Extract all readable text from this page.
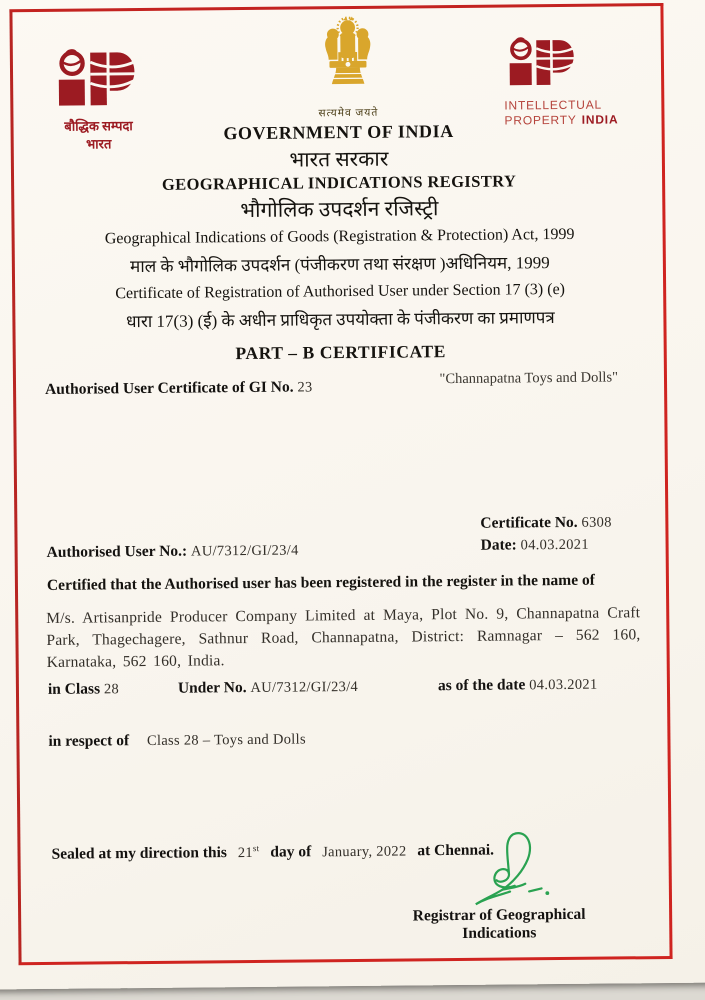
बौद्धिक सम्पदा
भारत
सत्यमेव जयते
INTELLECTUAL
PROPERTY INDIA
GOVERNMENT OF INDIA
भारत सरकार
GEOGRAPHICAL INDICATIONS REGISTRY
भौगोलिक उपदर्शन रजिस्ट्री
Geographical Indications of Goods (Registration & Protection) Act, 1999
माल के भौगोलिक उपदर्शन (पंजीकरण तथा संरक्षण )अधिनियम, 1999
Certificate of Registration of Authorised User under Section 17 (3) (e)
धारा 17(3) (ई) के अधीन प्राधिकृत उपयोक्ता के पंजीकरण का प्रमाणपत्र
PART – B CERTIFICATE
Authorised User Certificate of GI No. 23
"Channapatna Toys and Dolls"
Certificate No. 6308
Date: 04.03.2021
Authorised User No.: AU/7312/GI/23/4
Certified that the Authorised user has been registered in the register in the name of
M/s. Artisanpride Producer Company Limited at Maya, Plot No. 9, Channapatna Craft Park, Thagechagere, Sathnur Road, Channapatna, District: Ramnagar – 562 160, Karnataka, 562 160, India.
in Class 28	Under No. AU/7312/GI/23/4	as of the date 04.03.2021
in respect of Class 28 – Toys and Dolls
Sealed at my direction this 21st day of January, 2022 at Chennai.
Registrar of Geographical Indications
